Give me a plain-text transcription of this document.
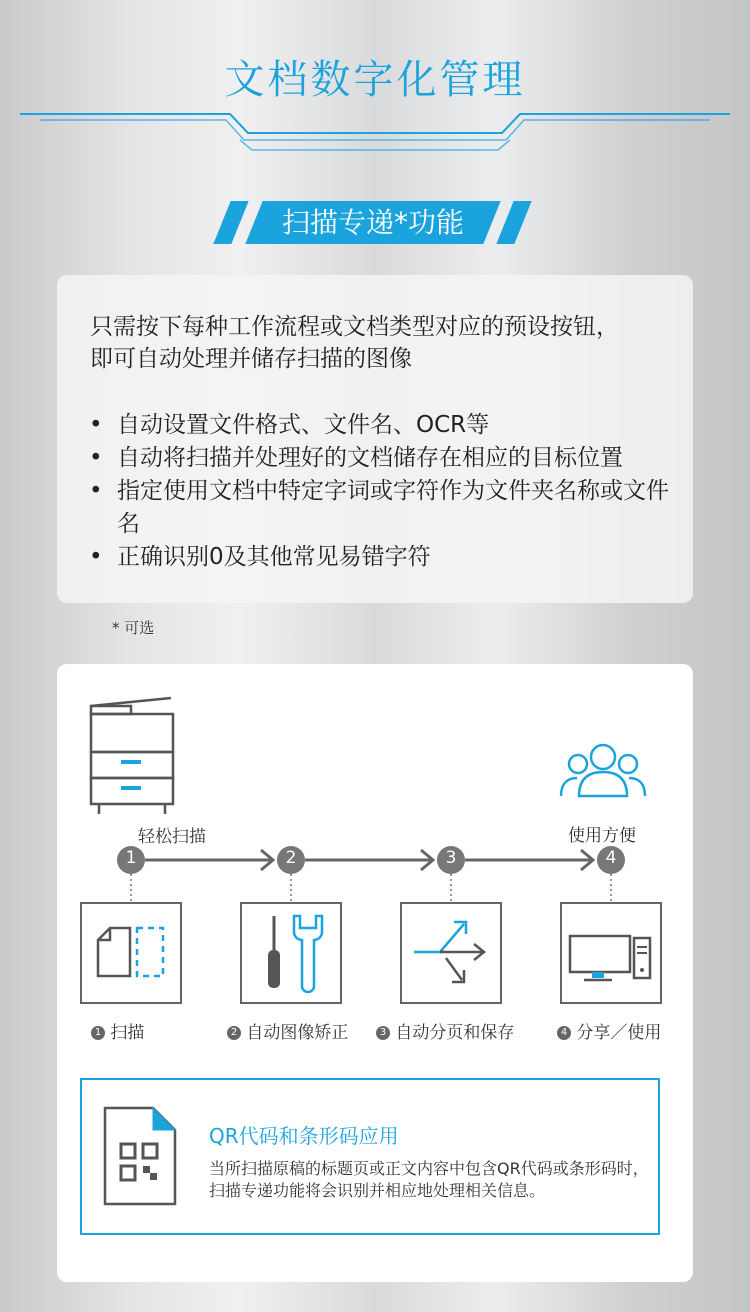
文档数字化管理
扫描专递*功能
只需按下每种工作流程或文档类型对应的预设按钮，
即可自动处理并储存扫描的图像
• 自动设置文件格式、文件名、OCR等
• 自动将扫描并处理好的文档储存在相应的目标位置
• 指定使用文档中特定字词或字符作为文件夹名称或文件名
• 正确识别0及其他常见易错字符
* 可选
轻松扫描	使用方便
1	2	3	4
1 扫描	2 自动图像矫正	3 自动分页和保存	4 分享／使用
QR代码和条形码应用
当所扫描原稿的标题页或正文内容中包含QR代码或条形码时，扫描专递功能将会识别并相应地处理相关信息。
